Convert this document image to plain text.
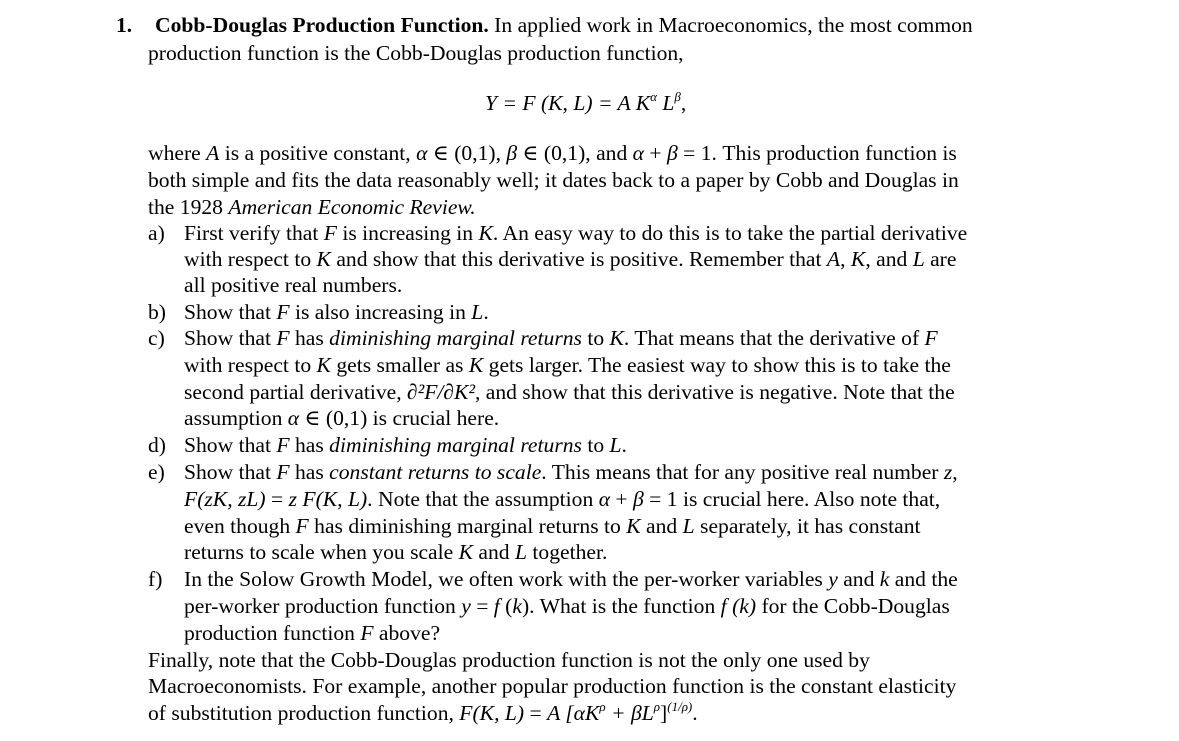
1. Cobb-Douglas Production Function. In applied work in Macroeconomics, the most common
production function is the Cobb-Douglas production function,
Y = F (K, L) = A $K^\alpha$ $L^\beta$,
where A is a positive constant, α ∈ (0,1), β ∈ (0,1), and α + β = 1. This production function is
both simple and fits the data reasonably well; it dates back to a paper by Cobb and Douglas in
the 1928 American Economic Review.
a) First verify that F is increasing in K. An easy way to do this is to take the partial derivative
with respect to K and show that this derivative is positive. Remember that A, K, and L are
all positive real numbers.
b) Show that F is also increasing in L.
c) Show that F has diminishing marginal returns to K. That means that the derivative of F
with respect to K gets smaller as K gets larger. The easiest way to show this is to take the
second partial derivative, ∂²F/∂K², and show that this derivative is negative. Note that the
assumption α ∈ (0,1) is crucial here.
d) Show that F has diminishing marginal returns to L.
e) Show that F has constant returns to scale. This means that for any positive real number z,
F(zK, zL) = z F(K, L). Note that the assumption α + β = 1 is crucial here. Also note that,
even though F has diminishing marginal returns to K and L separately, it has constant
returns to scale when you scale K and L together.
f) In the Solow Growth Model, we often work with the per-worker variables y and k and the
per-worker production function y = f (k). What is the function f (k) for the Cobb-Douglas
production function F above?
Finally, note that the Cobb-Douglas production function is not the only one used by
Macroeconomists. For example, another popular production function is the constant elasticity
of substitution production function, F(K, L) = A $[\alpha K^\rho + \beta L^\rho]^{(1/\rho)}$.
